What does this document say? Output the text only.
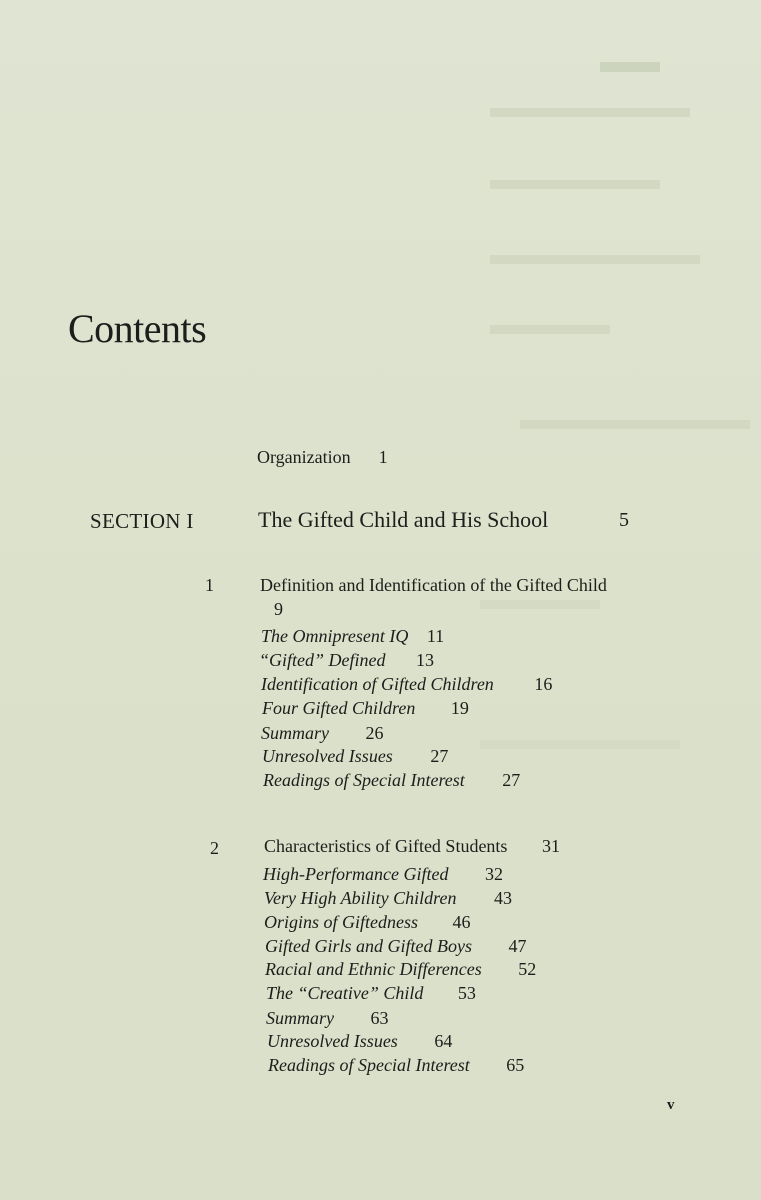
Contents
Organization 1
SECTION I	The Gifted Child and His School	5
1	Definition and Identification of the Gifted Child 9
The Omnipresent IQ 11
“Gifted” Defined 13
Identification of Gifted Children 16
Four Gifted Children 19
Summary 26
Unresolved Issues 27
Readings of Special Interest 27
2	Characteristics of Gifted Students 31
High-Performance Gifted 32
Very High Ability Children 43
Origins of Giftedness 46
Gifted Girls and Gifted Boys 47
Racial and Ethnic Differences 52
The “Creative” Child 53
Summary 63
Unresolved Issues 64
Readings of Special Interest 65
v
